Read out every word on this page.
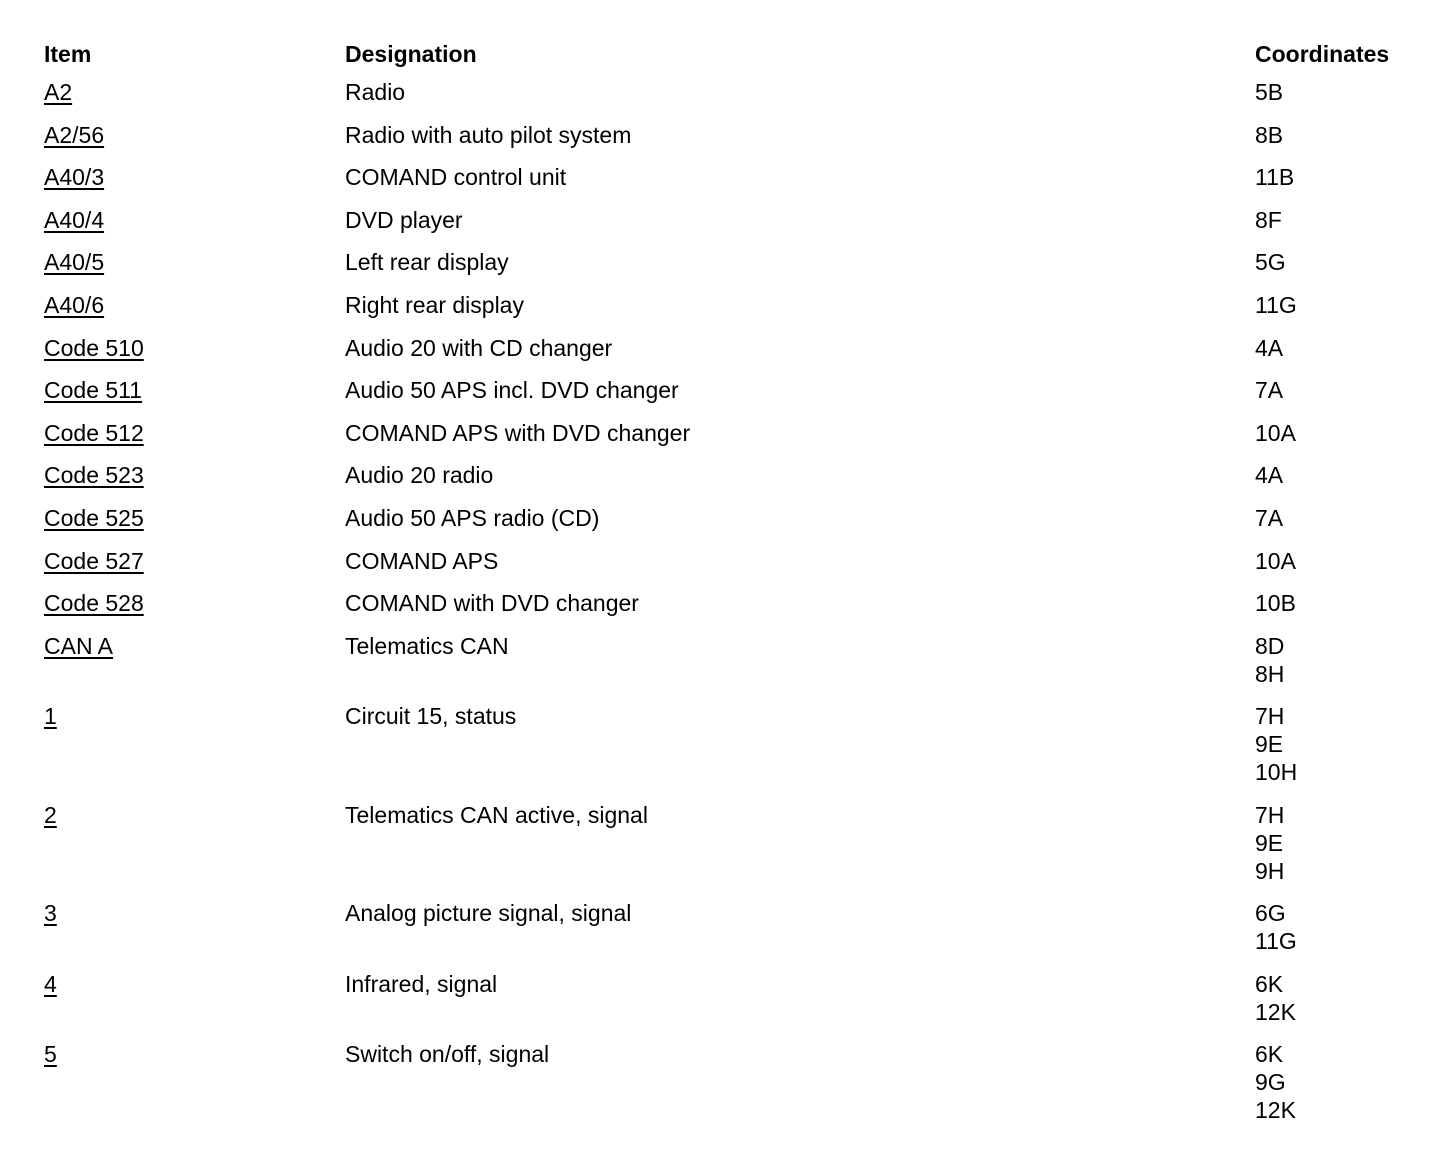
Item	Designation	Coordinates
A2	Radio	5B
A2/56	Radio with auto pilot system	8B
A40/3	COMAND control unit	11B
A40/4	DVD player	8F
A40/5	Left rear display	5G
A40/6	Right rear display	11G
Code 510	Audio 20 with CD changer	4A
Code 511	Audio 50 APS incl. DVD changer	7A
Code 512	COMAND APS with DVD changer	10A
Code 523	Audio 20 radio	4A
Code 525	Audio 50 APS radio (CD)	7A
Code 527	COMAND APS	10A
Code 528	COMAND with DVD changer	10B
CAN A	Telematics CAN	8D
8H
1	Circuit 15, status	7H
9E
10H
2	Telematics CAN active, signal	7H
9E
9H
3	Analog picture signal, signal	6G
11G
4	Infrared, signal	6K
12K
5	Switch on/off, signal	6K
9G
12K
